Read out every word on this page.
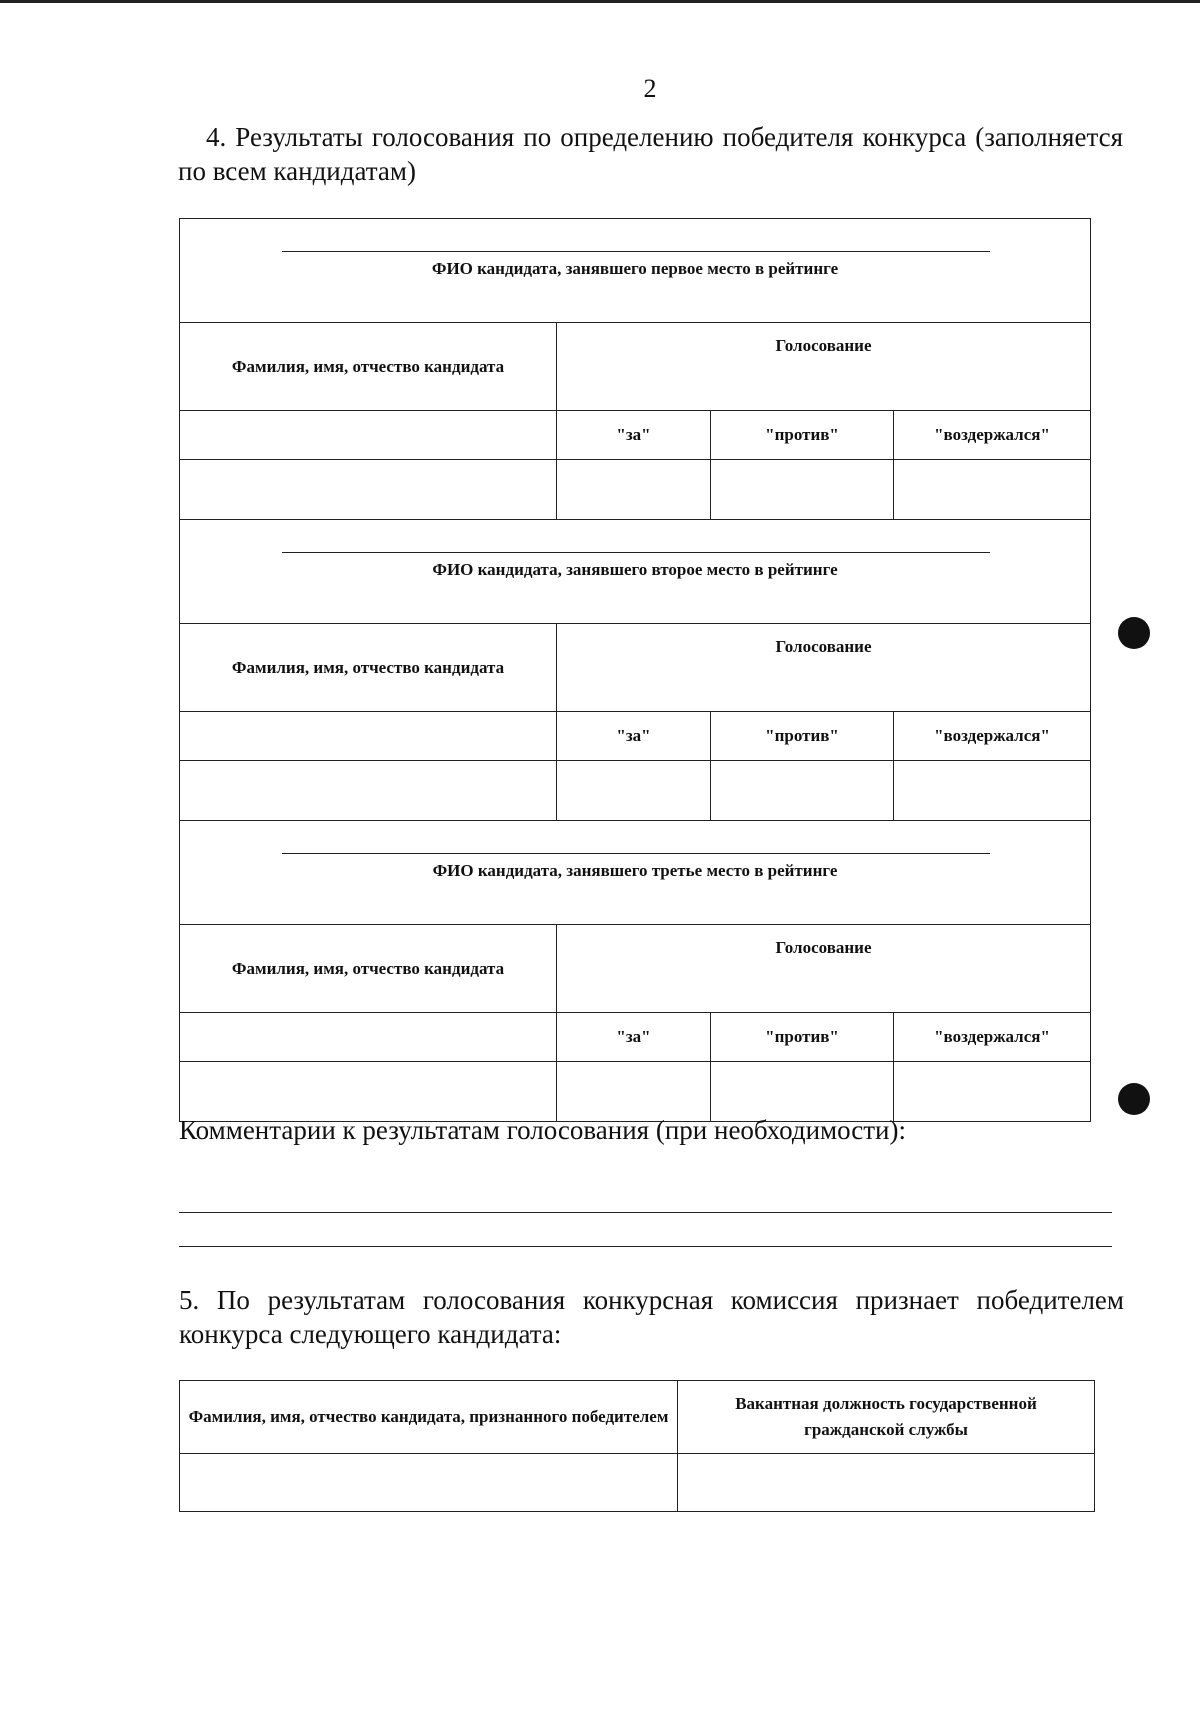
2

4. Результаты голосования по определению победителя конкурса (заполняется по всем кандидатам)

ФИО кандидата, занявшего первое место в рейтинге			

Фамилия, имя, отчество кандидата	Голосование		
	"за"	"против"	"воздержался"

ФИО кандидата, занявшего второе место в рейтинге			

Фамилия, имя, отчество кандидата	Голосование		
	"за"	"против"	"воздержался"

ФИО кандидата, занявшего третье место в рейтинге			

Фамилия, имя, отчество кандидата	Голосование		
	"за"	"против"	"воздержался"

Комментарии к результатам голосования (при необходимости):

5. По результатам голосования конкурсная комиссия признает победителем конкурса следующего кандидата:

Фамилия, имя, отчество кандидата, признанного победителем	Вакантная должность государственной гражданской службы
